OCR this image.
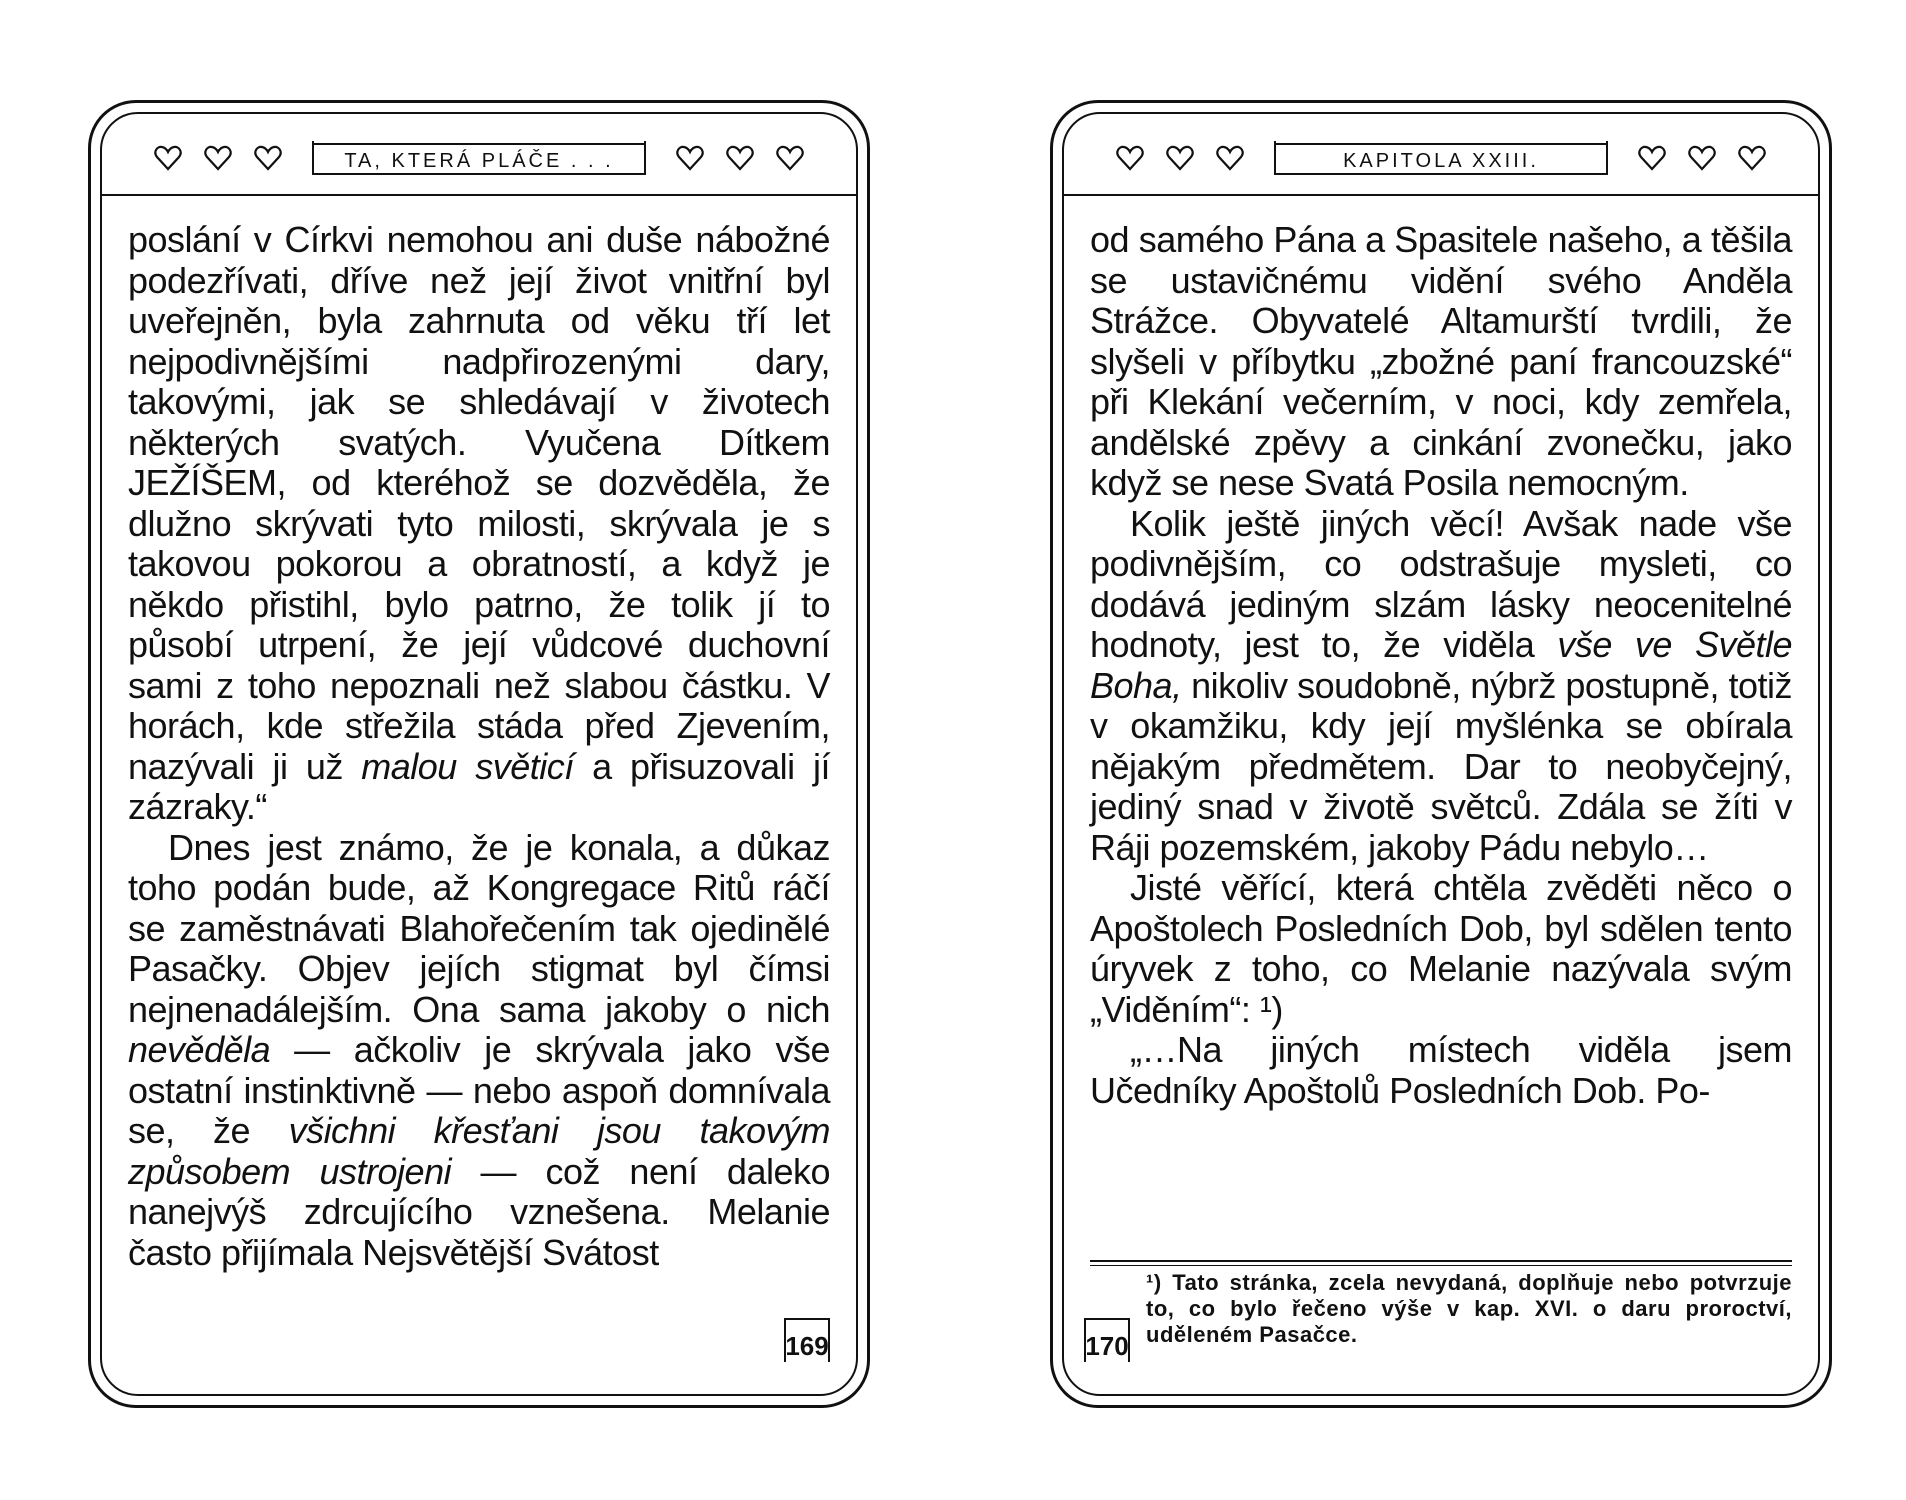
TA, KTERÁ PLÁČE . . .

poslání v Církvi nemohou ani duše nábožné podezřívati, dříve než její život vnitřní byl uveřejněn, byla zahrnuta od věku tří let nejpodivnějšími nadpřirozenými dary, takovými, jak se shledávají v životech některých svatých. Vyučena Dítkem JEŽÍŠEM, od kteréhož se dozvěděla, že dlužno skrývati tyto milosti, skrývala je s takovou pokorou a obratností, a když je někdo přistihl, bylo patrno, že tolik jí to působí utrpení, že její vůdcové duchovní sami z toho nepoznali než slabou částku. V horách, kde střežila stáda před Zjevením, nazývali ji už malou světicí a přisuzovali jí zázraky.“

Dnes jest známo, že je konala, a důkaz toho podán bude, až Kongregace Ritů ráčí se zaměstnávati Blahořečením tak ojedinělé Pasačky. Objev jejích stigmat byl čímsi nejnenadálejším. Ona sama jakoby o nich nevěděla — ačkoliv je skrývala jako vše ostatní instinktivně — nebo aspoň domnívala se, že všichni křesťani jsou takovým způsobem ustrojeni — což není daleko nanejvýš zdrcujícího vznešena. Melanie často přijímala Nejsvětější Svátost

169
KAPITOLA XXIII.

od samého Pána a Spasitele našeho, a těšila se ustavičnému vidění svého Anděla Strážce. Obyvatelé Altamurští tvrdili, že slyšeli v příbytku „zbožné paní francouzské“ při Klekání večerním, v noci, kdy zemřela, andělské zpěvy a cinkání zvonečku, jako když se nese Svatá Posila nemocným.

Kolik ještě jiných věcí! Avšak nade vše podivnějším, co odstrašuje mysleti, co dodává jediným slzám lásky neocenitelné hodnoty, jest to, že viděla vše ve Světle Boha, nikoliv soudobně, nýbrž postupně, totiž v okamžiku, kdy její myšlénka se obírala nějakým předmětem. Dar to neobyčejný, jediný snad v životě světců. Zdála se žíti v Ráji pozemském, jakoby Pádu nebylo…

Jisté věřící, která chtěla zvěděti něco o Apoštolech Posledních Dob, byl sdělen tento úryvek z toho, co Melanie nazývala svým „Viděním“: ¹)

„…Na jiných místech viděla jsem Učedníky Apoštolů Posledních Dob. Po-

¹) Tato stránka, zcela nevydaná, doplňuje nebo potvrzuje to, co bylo řečeno výše v kap. XVI. o daru proroctví, uděleném Pasačce.
170
